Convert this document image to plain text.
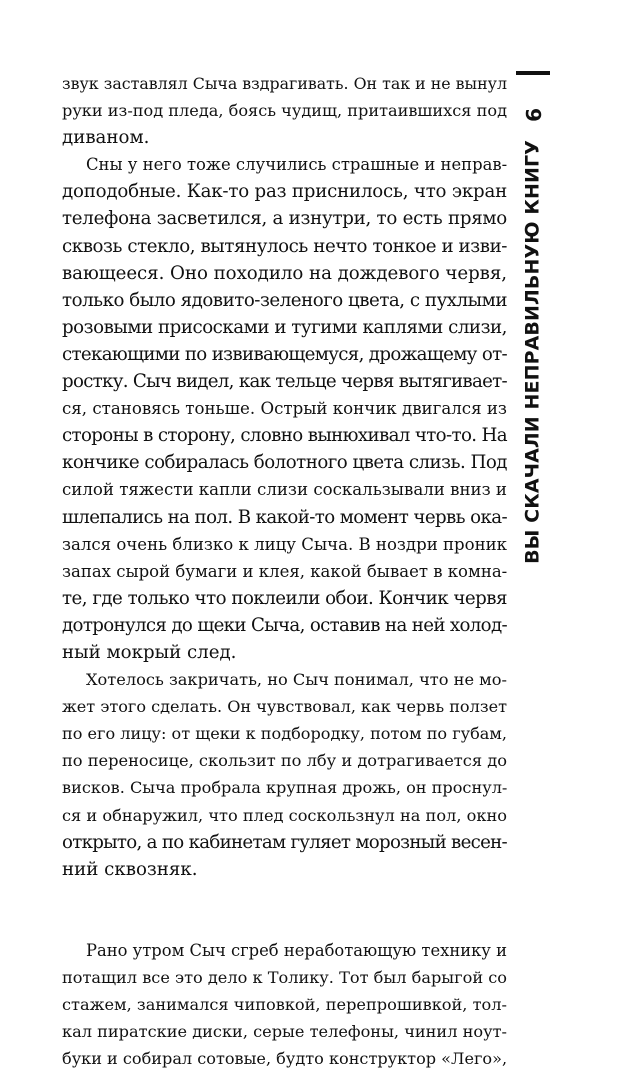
9
ВЫ СКАЧАЛИ НЕПРАВИЛЬНУЮ КНИГУ
звук заставлял Сыча вздрагивать. Он так и не вынул
руки из-под пледа, боясь чудищ, притаившихся под
диваном.
Сны у него тоже случились страшные и неправ-
доподобные. Как-то раз приснилось, что экран
телефона засветился, а изнутри, то есть прямо
сквозь стекло, вытянулось нечто тонкое и изви-
вающееся. Оно походило на дождевого червя,
только было ядовито-зеленого цвета, с пухлыми
розовыми присосками и тугими каплями слизи,
стекающими по извивающемуся, дрожащему от-
ростку. Сыч видел, как тельце червя вытягивает-
ся, становясь тоньше. Острый кончик двигался из
стороны в сторону, словно вынюхивал что-то. На
кончике собиралась болотного цвета слизь. Под
силой тяжести капли слизи соскальзывали вниз и
шлепались на пол. В какой-то момент червь ока-
зался очень близко к лицу Сыча. В ноздри проник
запах сырой бумаги и клея, какой бывает в комна-
те, где только что поклеили обои. Кончик червя
дотронулся до щеки Сыча, оставив на ней холод-
ный мокрый след.
Хотелось закричать, но Сыч понимал, что не мо-
жет этого сделать. Он чувствовал, как червь ползет
по его лицу: от щеки к подбородку, потом по губам,
по переносице, скользит по лбу и дотрагивается до
висков. Сыча пробрала крупная дрожь, он проснул-
ся и обнаружил, что плед соскользнул на пол, окно
открыто, а по кабинетам гуляет морозный весен-
ний сквозняк.
Рано утром Сыч сгреб неработающую технику и
потащил все это дело к Толику. Тот был барыгой со
стажем, занимался чиповкой, перепрошивкой, тол-
кал пиратские диски, серые телефоны, чинил ноут-
буки и собирал сотовые, будто конструктор «Лего»,
